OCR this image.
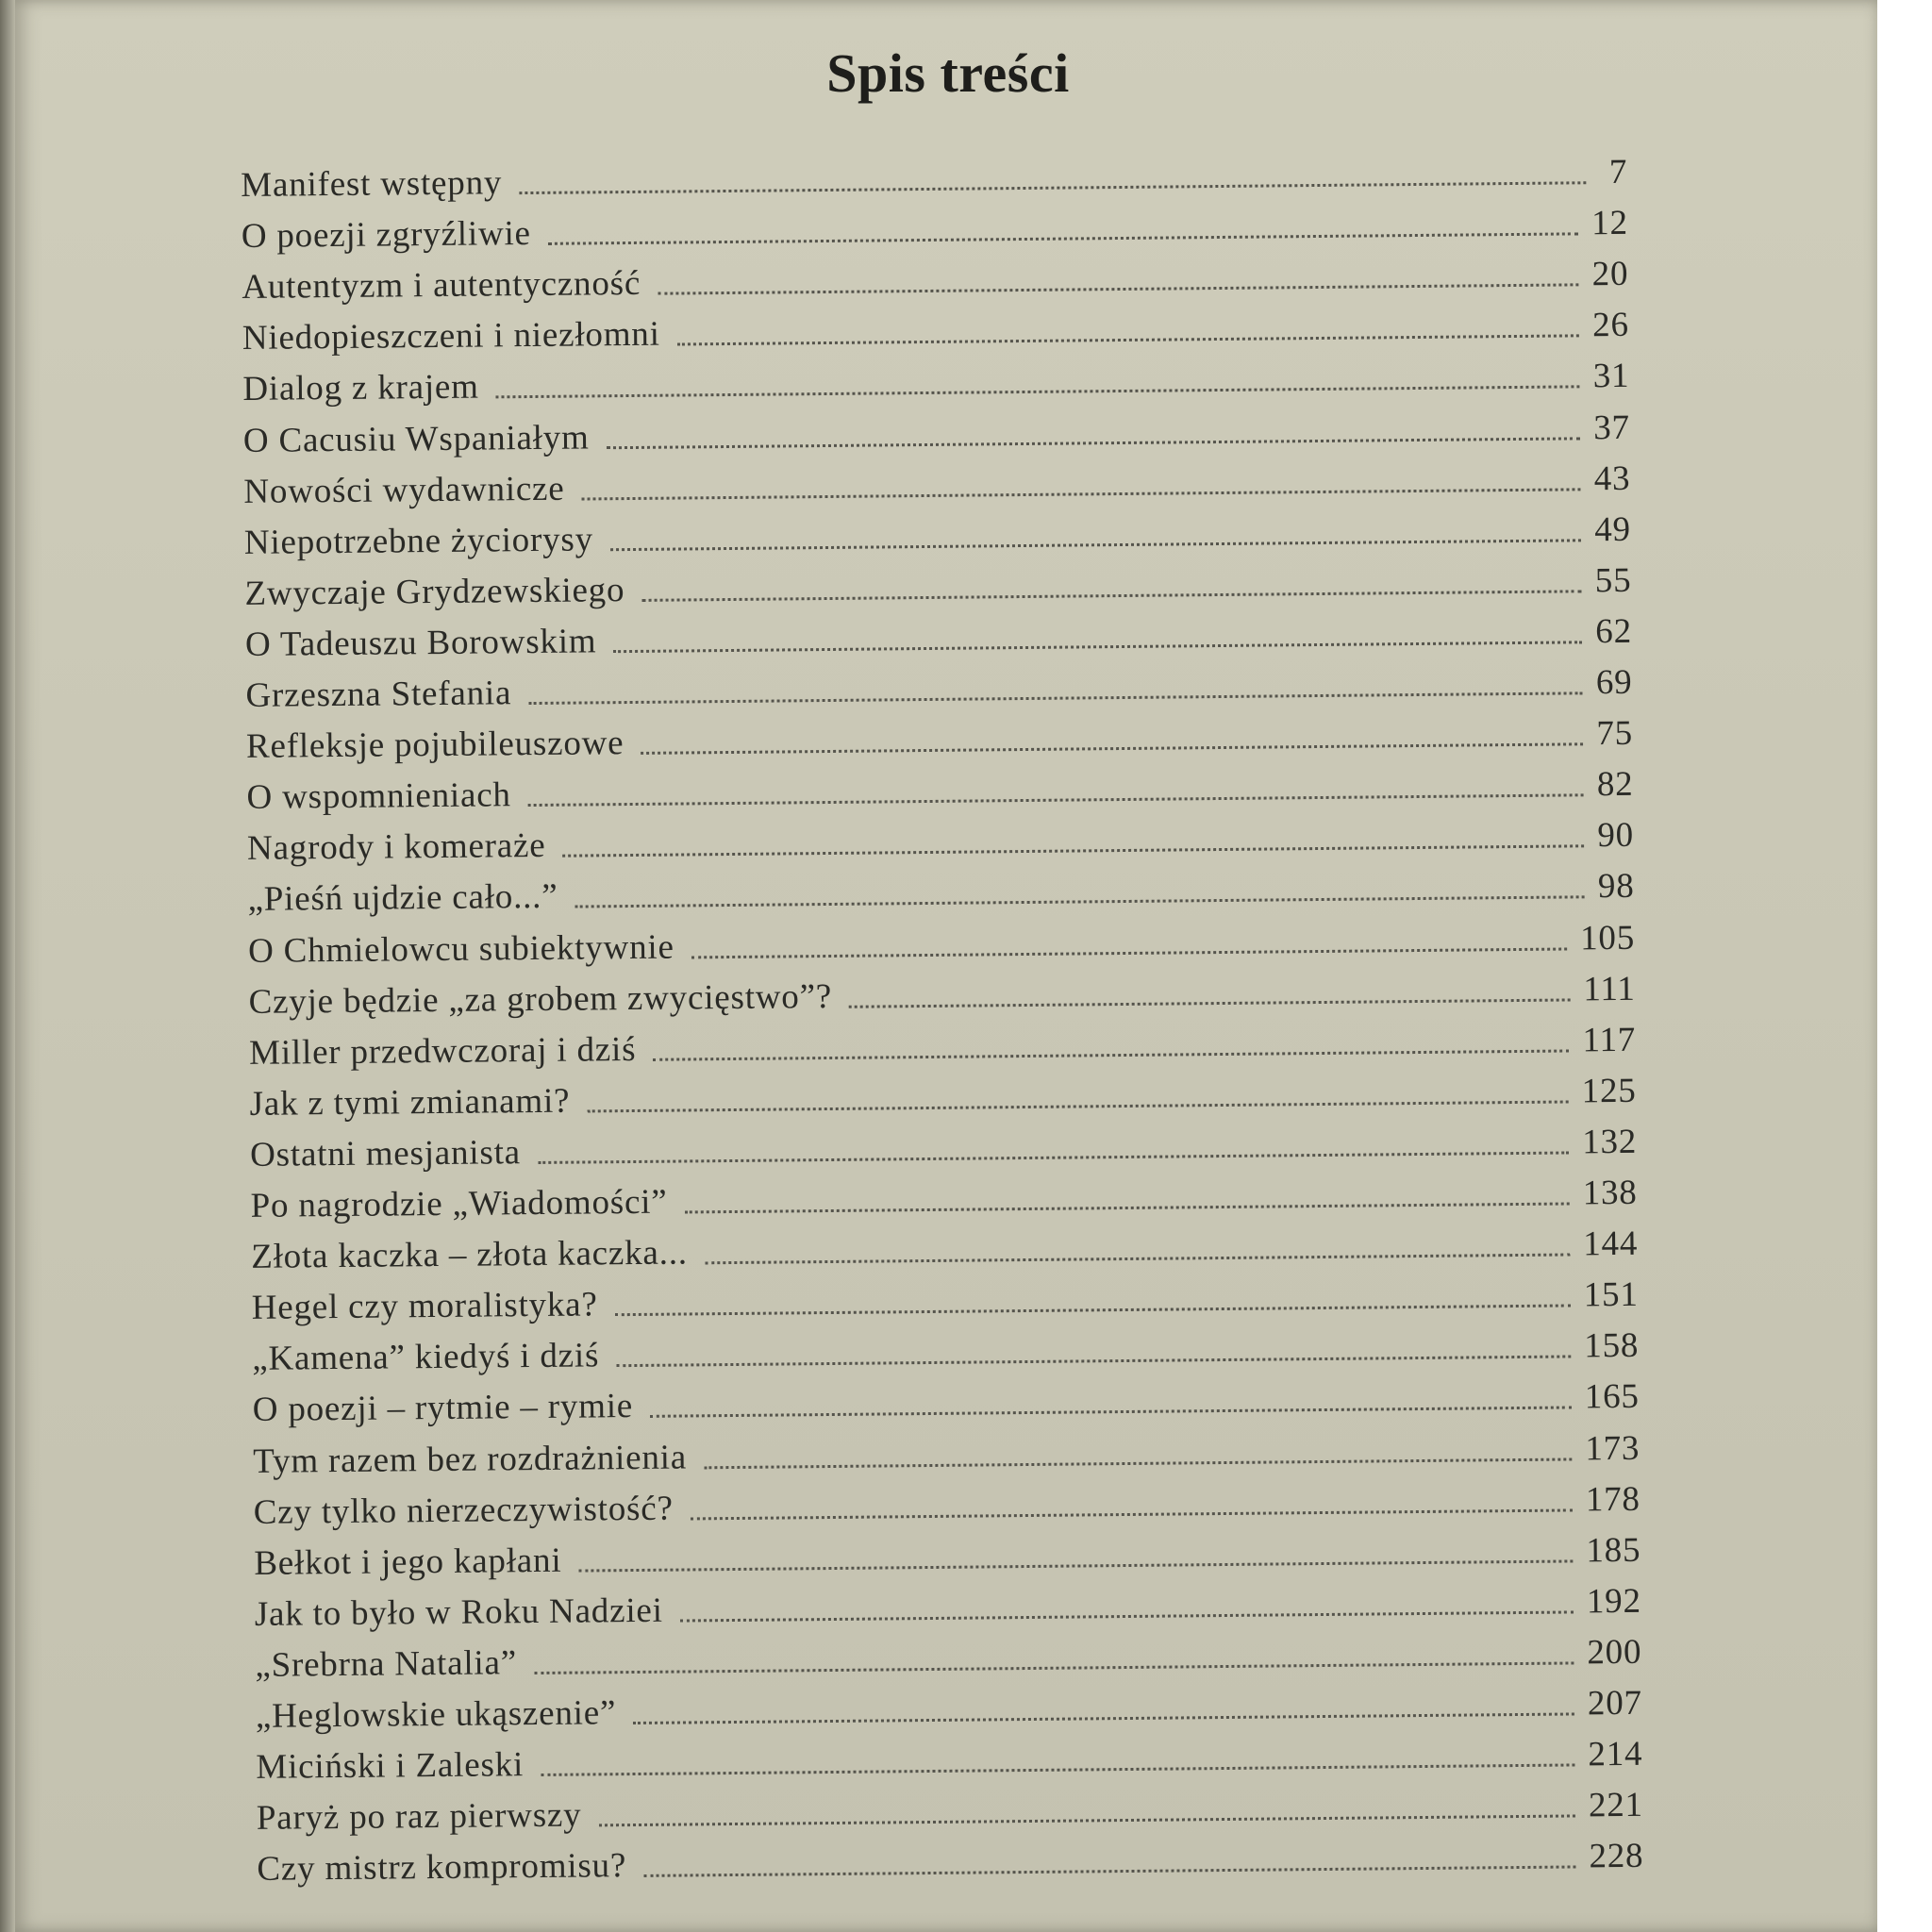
Spis treści
Manifest wstępny	7
O poezji zgryźliwie	12
Autentyzm i autentyczność	20
Niedopieszczeni i niezłomni	26
Dialog z krajem	31
O Cacusiu Wspaniałym	37
Nowości wydawnicze	43
Niepotrzebne życiorysy	49
Zwyczaje Grydzewskiego	55
O Tadeuszu Borowskim	62
Grzeszna Stefania	69
Refleksje pojubileuszowe	75
O wspomnieniach	82
Nagrody i komeraże	90
„Pieśń ujdzie cało...”	98
O Chmielowcu subiektywnie	105
Czyje będzie „za grobem zwycięstwo”?	111
Miller przedwczoraj i dziś	117
Jak z tymi zmianami?	125
Ostatni mesjanista	132
Po nagrodzie „Wiadomości”	138
Złota kaczka – złota kaczka...	144
Hegel czy moralistyka?	151
„Kamena” kiedyś i dziś	158
O poezji – rytmie – rymie	165
Tym razem bez rozdrażnienia	173
Czy tylko nierzeczywistość?	178
Bełkot i jego kapłani	185
Jak to było w Roku Nadziei	192
„Srebrna Natalia”	200
„Heglowskie ukąszenie”	207
Miciński i Zaleski	214
Paryż po raz pierwszy	221
Czy mistrz kompromisu?	228
